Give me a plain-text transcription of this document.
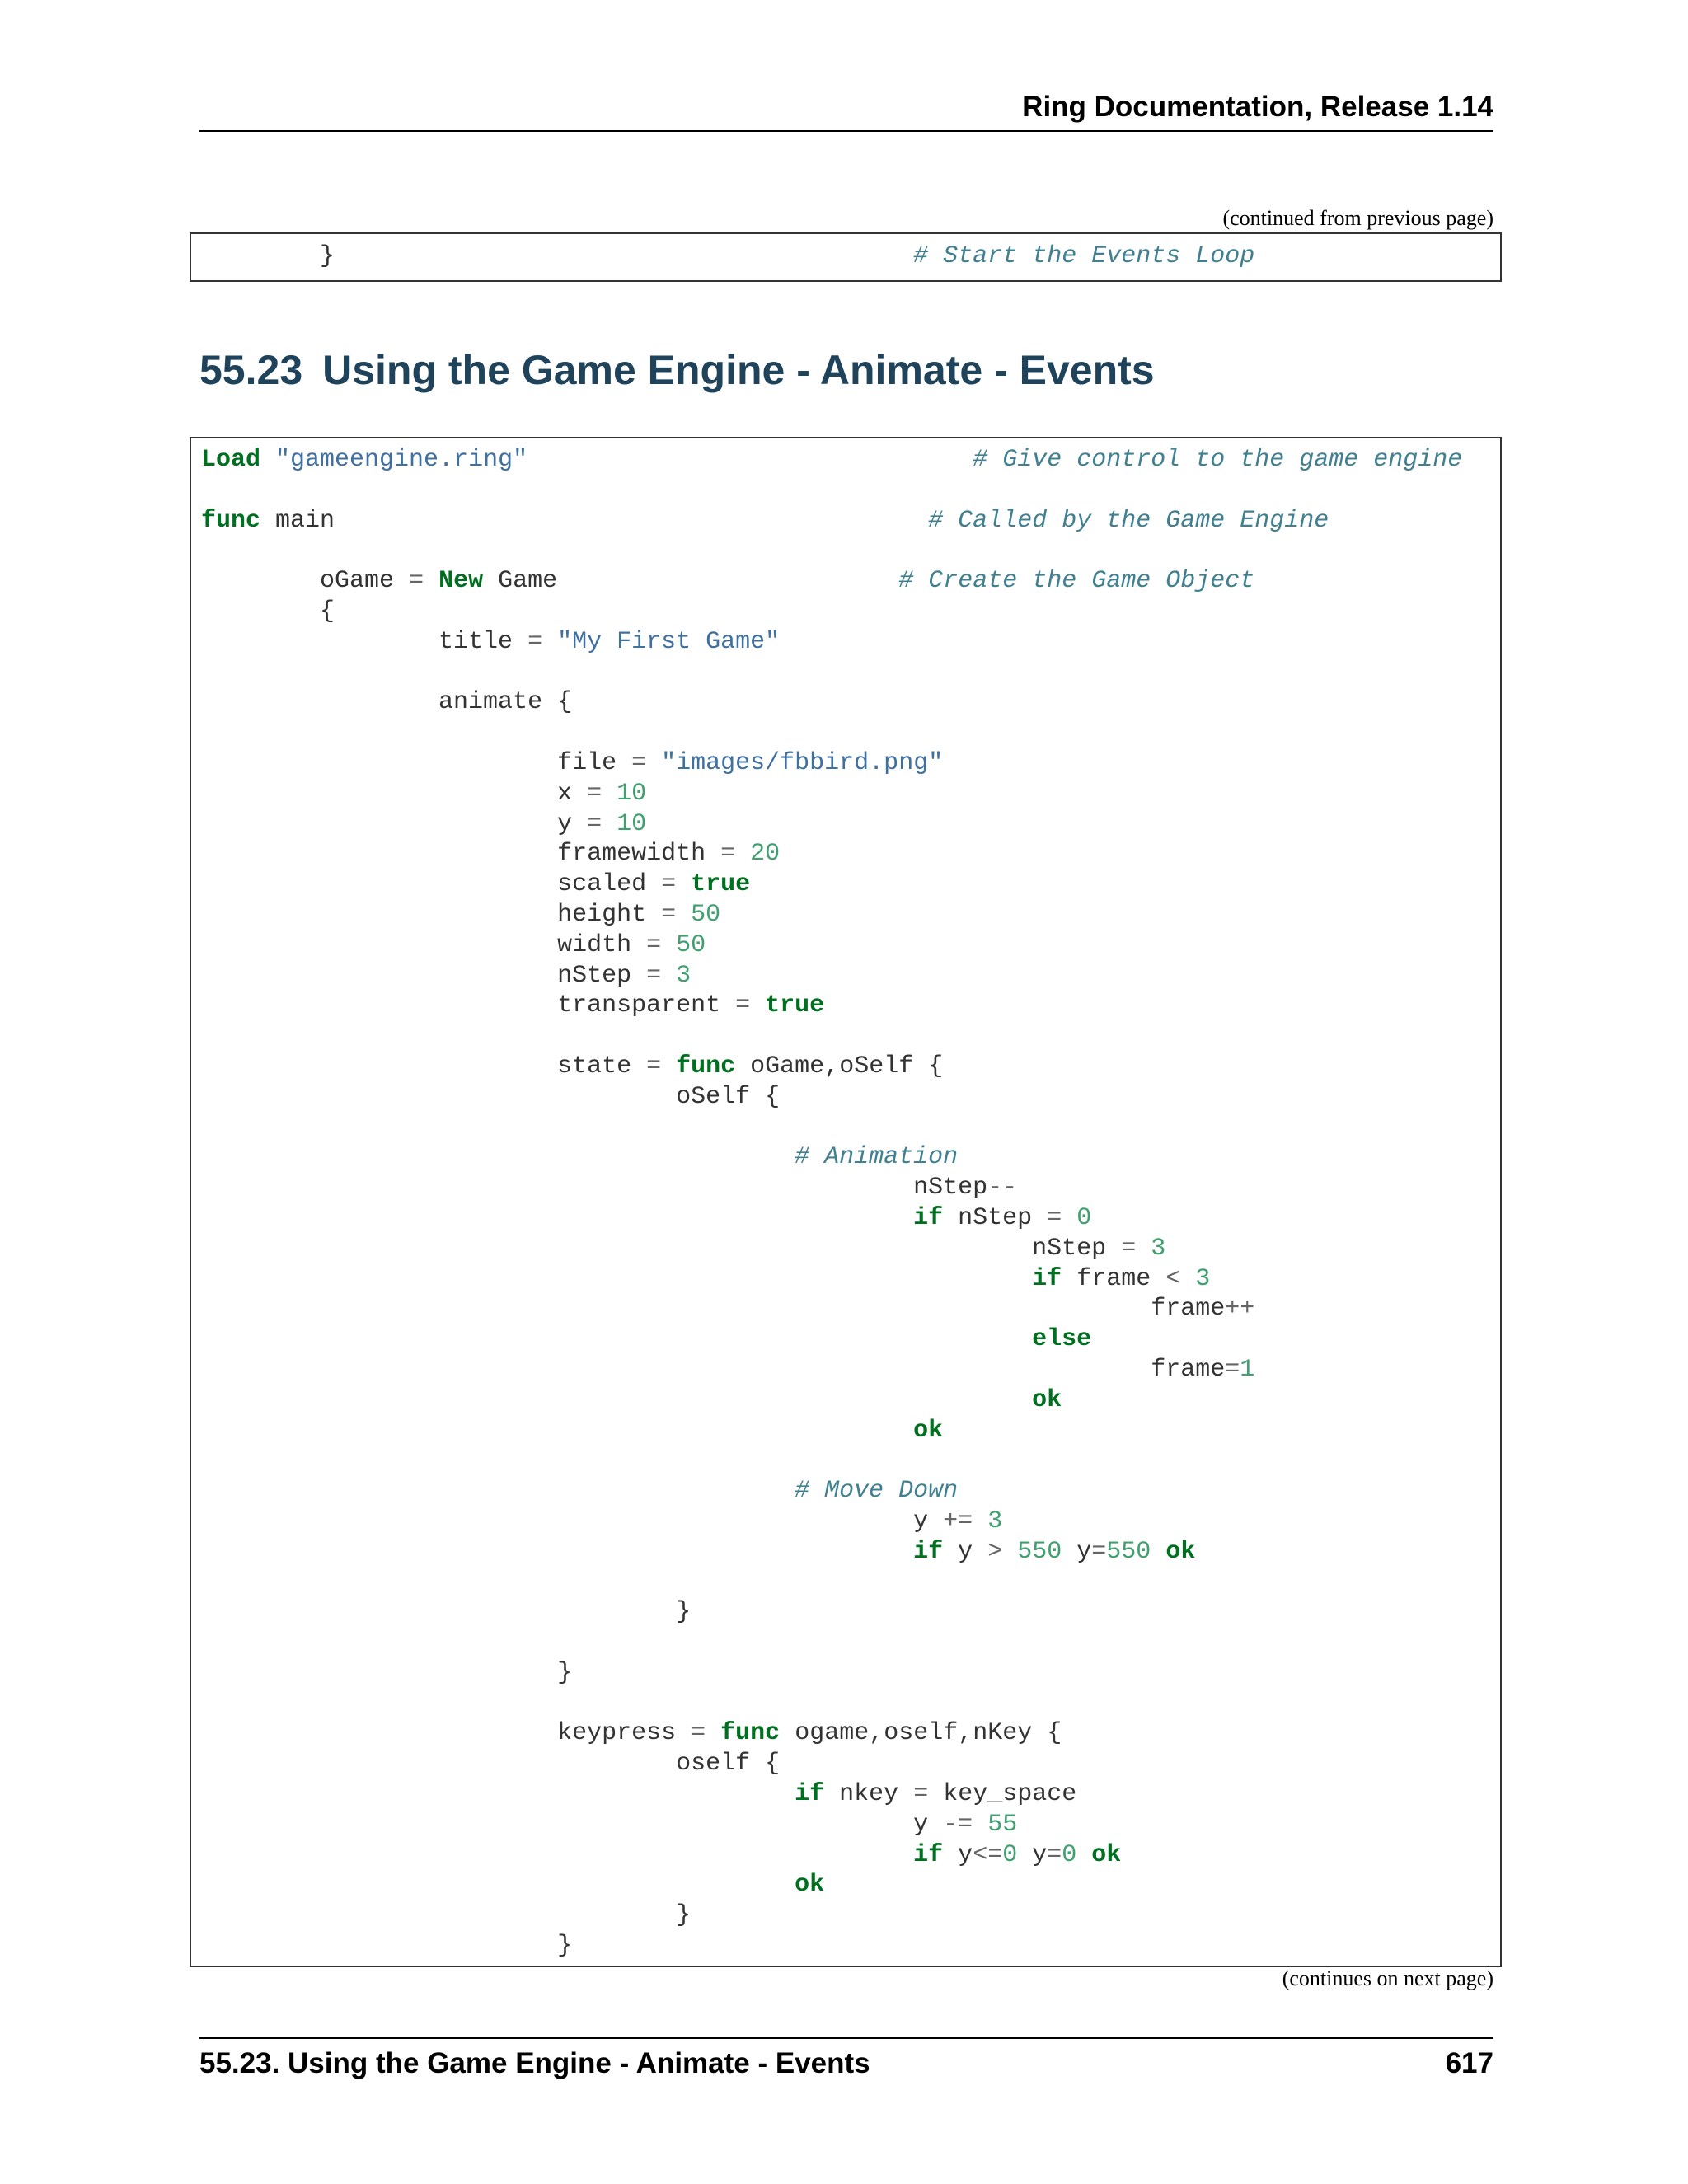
Ring Documentation, Release 1.14
(continued from previous page)
}	# Start the Events Loop
55.23 Using the Game Engine - Animate - Events
Load "gameengine.ring"	# Give control to the game engine

func main	# Called by the Game Engine

oGame = New Game	# Create the Game Object
{
title = "My First Game"

animate {

file = "images/fbbird.png"
x = 10
y = 10
framewidth = 20
scaled = true
height = 50
width = 50
nStep = 3
transparent = true

state = func oGame,oSelf {
oSelf {

# Animation
nStep--
if nStep = 0
nStep = 3
if frame < 3
frame++
else
frame=1
ok
ok

# Move Down
y += 3
if y > 550 y=550 ok

}

}

keypress = func ogame,oself,nKey {
oself {
if nkey = key_space
y -= 55
if y<=0 y=0 ok
ok
}
}
(continues on next page)
55.23. Using the Game Engine - Animate - Events	617
